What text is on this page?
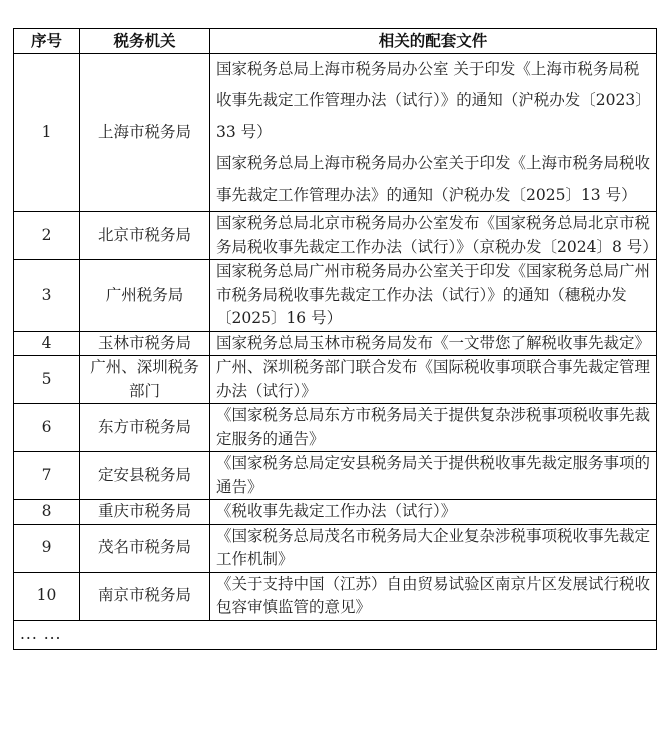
序号	税务机关	相关的配套文件
1	上海市税务局	国家税务总局上海市税务局办公室 关于印发《上海市税务局税收事先裁定工作管理办法（试行）》的通知（沪税办发〔2023〕33 号）
国家税务总局上海市税务局办公室关于印发《上海市税务局税收事先裁定工作管理办法》的通知（沪税办发〔2025〕13 号）

2	北京市税务局	国家税务总局北京市税务局办公室发布《国家税务总局北京市税务局税收事先裁定工作办法（试行）》（京税办发〔2024〕8 号）
3	广州税务局	国家税务总局广州市税务局办公室关于印发《国家税务总局广州市税务局税收事先裁定工作办法（试行）》的通知（穗税办发〔2025〕16 号）
4	玉林市税务局	国家税务总局玉林市税务局发布《一文带您了解税收事先裁定》
5	广州、深圳税务部门	广州、深圳税务部门联合发布《国际税收事项联合事先裁定管理办法（试行）》
6	东方市税务局	《国家税务总局东方市税务局关于提供复杂涉税事项税收事先裁定服务的通告》
7	定安县税务局	《国家税务总局定安县税务局关于提供税收事先裁定服务事项的通告》
8	重庆市税务局	《税收事先裁定工作办法（试行）》
9	茂名市税务局	《国家税务总局茂名市税务局大企业复杂涉税事项税收事先裁定工作机制》
10	南京市税务局	《关于支持中国（江苏）自由贸易试验区南京片区发展试行税收包容审慎监管的意见》
... ...		
